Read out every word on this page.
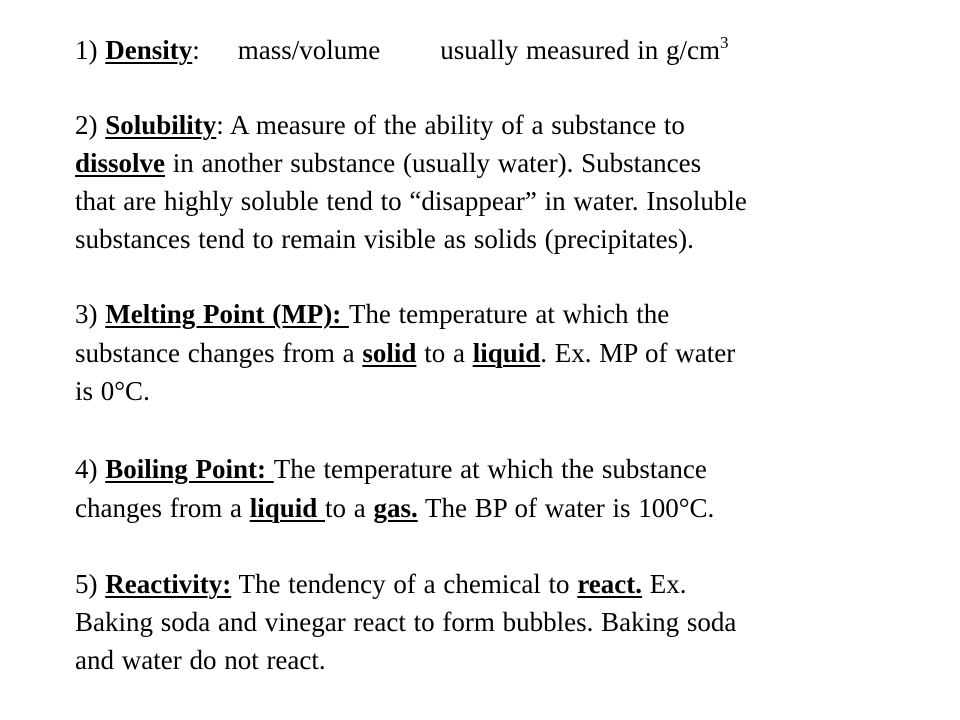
1) Density: mass/volume usually measured in $g/cm^3$
2) Solubility: A measure of the ability of a substance to
dissolve in another substance (usually water). Substances
that are highly soluble tend to “disappear” in water. Insoluble
substances tend to remain visible as solids (precipitates).
3) Melting Point (MP): The temperature at which the
substance changes from a solid to a liquid. Ex. MP of water
is 0°C.
4) Boiling Point: The temperature at which the substance
changes from a liquid to a gas. The BP of water is 100°C.
5) Reactivity: The tendency of a chemical to react. Ex.
Baking soda and vinegar react to form bubbles. Baking soda
and water do not react.
